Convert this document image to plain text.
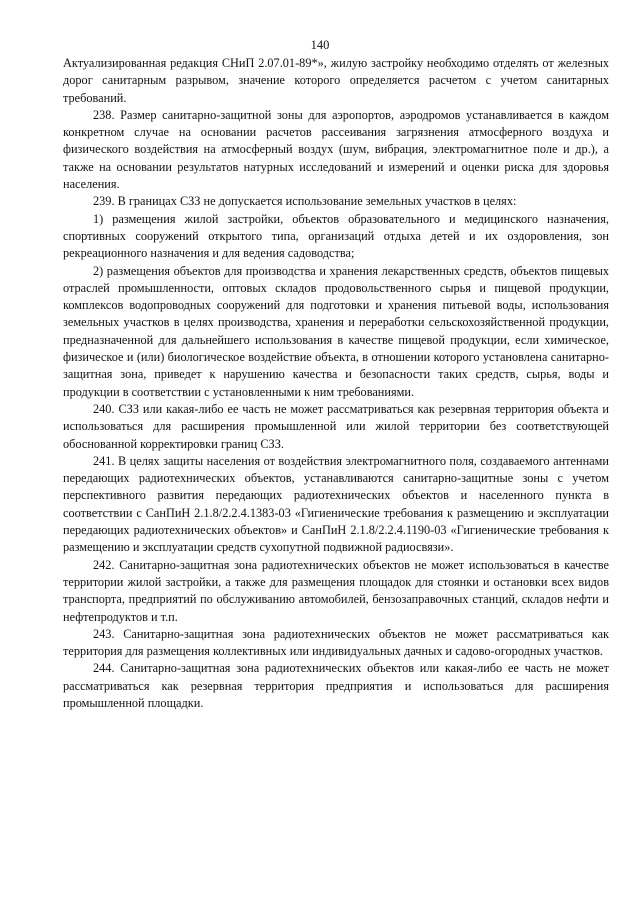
140

Актуализированная редакция СНиП 2.07.01-89*», жилую застройку необходимо отделять от железных дорог санитарным разрывом, значение которого определяется расчетом с учетом санитарных требований.

238. Размер санитарно-защитной зоны для аэропортов, аэродромов устанавливается в каждом конкретном случае на основании расчетов рассеивания загрязнения атмосферного воздуха и физического воздействия на атмосферный воздух (шум, вибрация, электромагнитное поле и др.), а также на основании результатов натурных исследований и измерений и оценки риска для здоровья населения.

239. В границах СЗЗ не допускается использование земельных участков в целях:

1) размещения жилой застройки, объектов образовательного и медицинского назначения, спортивных сооружений открытого типа, организаций отдыха детей и их оздоровления, зон рекреационного назначения и для ведения садоводства;

2) размещения объектов для производства и хранения лекарственных средств, объектов пищевых отраслей промышленности, оптовых складов продовольственного сырья и пищевой продукции, комплексов водопроводных сооружений для подготовки и хранения питьевой воды, использования земельных участков в целях производства, хранения и переработки сельскохозяйственной продукции, предназначенной для дальнейшего использования в качестве пищевой продукции, если химическое, физическое и (или) биологическое воздействие объекта, в отношении которого установлена санитарно-защитная зона, приведет к нарушению качества и безопасности таких средств, сырья, воды и продукции в соответствии с установленными к ним требованиями.

240. СЗЗ или какая-либо ее часть не может рассматриваться как резервная территория объекта и использоваться для расширения промышленной или жилой территории без соответствующей обоснованной корректировки границ СЗЗ.

241. В целях защиты населения от воздействия электромагнитного поля, создаваемого антеннами передающих радиотехнических объектов, устанавливаются санитарно-защитные зоны с учетом перспективного развития передающих радиотехнических объектов и населенного пункта в соответствии с СанПиН 2.1.8/2.2.4.1383-03 «Гигиенические требования к размещению и эксплуатации передающих радиотехнических объектов» и СанПиН 2.1.8/2.2.4.1190-03 «Гигиенические требования к размещению и эксплуатации средств сухопутной подвижной радиосвязи».

242. Санитарно-защитная зона радиотехнических объектов не может использоваться в качестве территории жилой застройки, а также для размещения площадок для стоянки и остановки всех видов транспорта, предприятий по обслуживанию автомобилей, бензозаправочных станций, складов нефти и нефтепродуктов и т.п.

243. Санитарно-защитная зона радиотехнических объектов не может рассматриваться как территория для размещения коллективных или индивидуальных дачных и садово-огородных участков.

244. Санитарно-защитная зона радиотехнических объектов или какая-либо ее часть не может рассматриваться как резервная территория предприятия и использоваться для расширения промышленной площадки.
